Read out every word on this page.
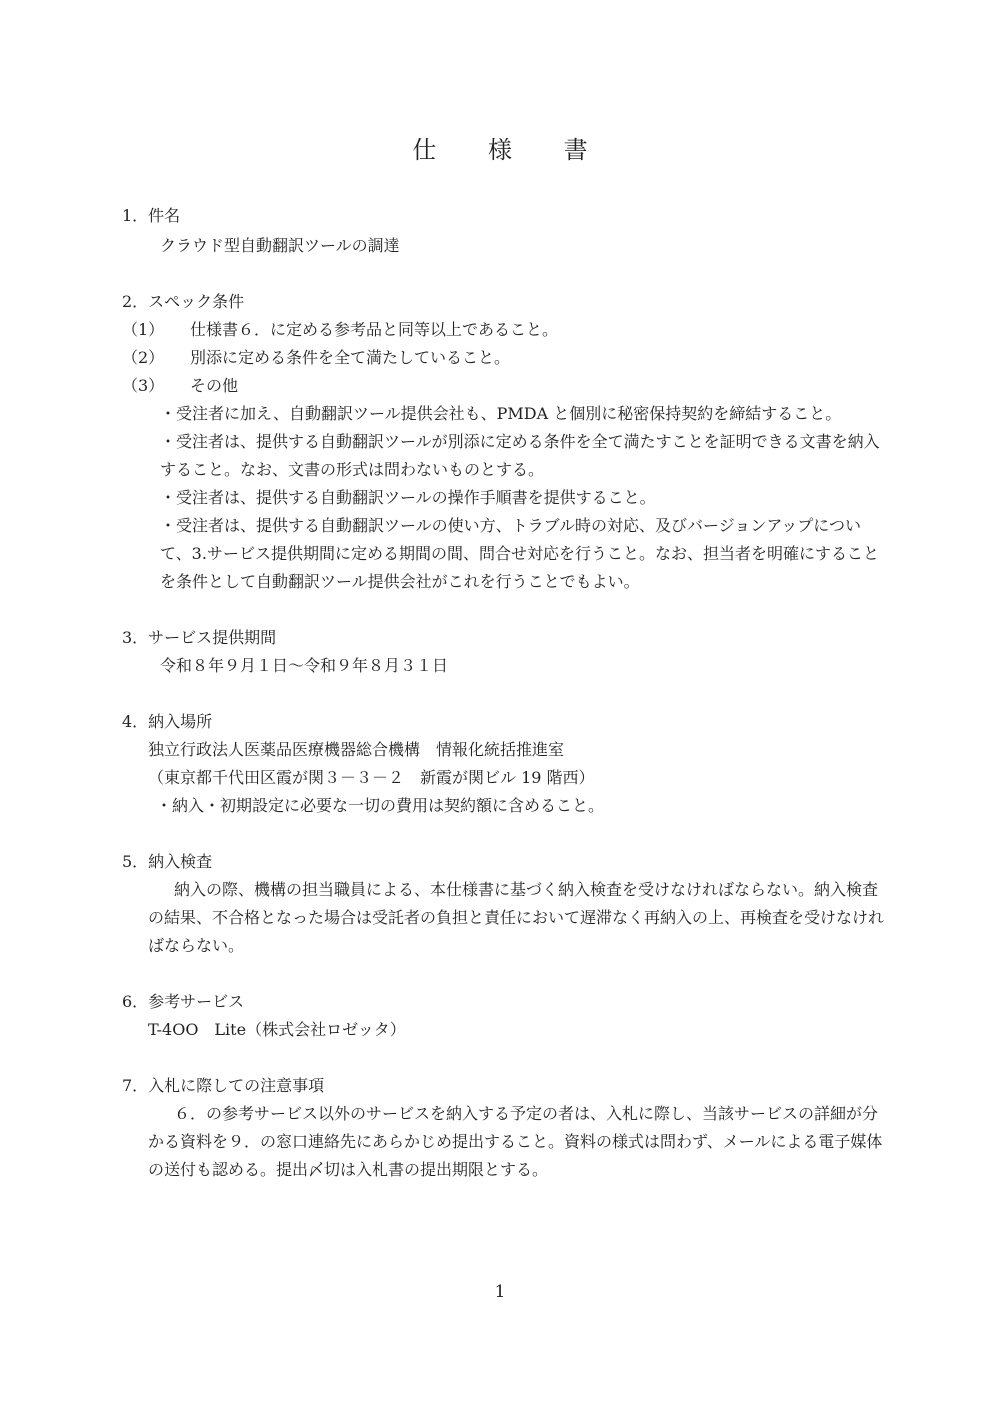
仕 様 書
1．件名
クラウド型自動翻訳ツールの調達
2．スペック条件
（1） 仕様書６．に定める参考品と同等以上であること。
（2） 別添に定める条件を全て満たしていること。
（3） その他
・受注者に加え、自動翻訳ツール提供会社も、PMDA と個別に秘密保持契約を締結すること。
・受注者は、提供する自動翻訳ツールが別添に定める条件を全て満たすことを証明できる文書を納入すること。なお、文書の形式は問わないものとする。
・受注者は、提供する自動翻訳ツールの操作手順書を提供すること。
・受注者は、提供する自動翻訳ツールの使い方、トラブル時の対応、及びバージョンアップについて、3.サービス提供期間に定める期間の間、問合せ対応を行うこと。なお、担当者を明確にすることを条件として自動翻訳ツール提供会社がこれを行うことでもよい。
3．サービス提供期間
令和８年９月１日～令和９年８月３１日
4．納入場所
独立行政法人医薬品医療機器総合機構　情報化統括推進室
（東京都千代田区霞が関３－３－２　新霞が関ビル 19 階西）
・納入・初期設定に必要な一切の費用は契約額に含めること。
5．納入検査
納入の際、機構の担当職員による、本仕様書に基づく納入検査を受けなければならない。納入検査の結果、不合格となった場合は受託者の負担と責任において遅滞なく再納入の上、再検査を受けなければならない。
6．参考サービス
T-4OO　Lite（株式会社ロゼッタ）
7．入札に際しての注意事項
６．の参考サービス以外のサービスを納入する予定の者は、入札に際し、当該サービスの詳細が分かる資料を９．の窓口連絡先にあらかじめ提出すること。資料の様式は問わず、メールによる電子媒体の送付も認める。提出〆切は入札書の提出期限とする。
1
